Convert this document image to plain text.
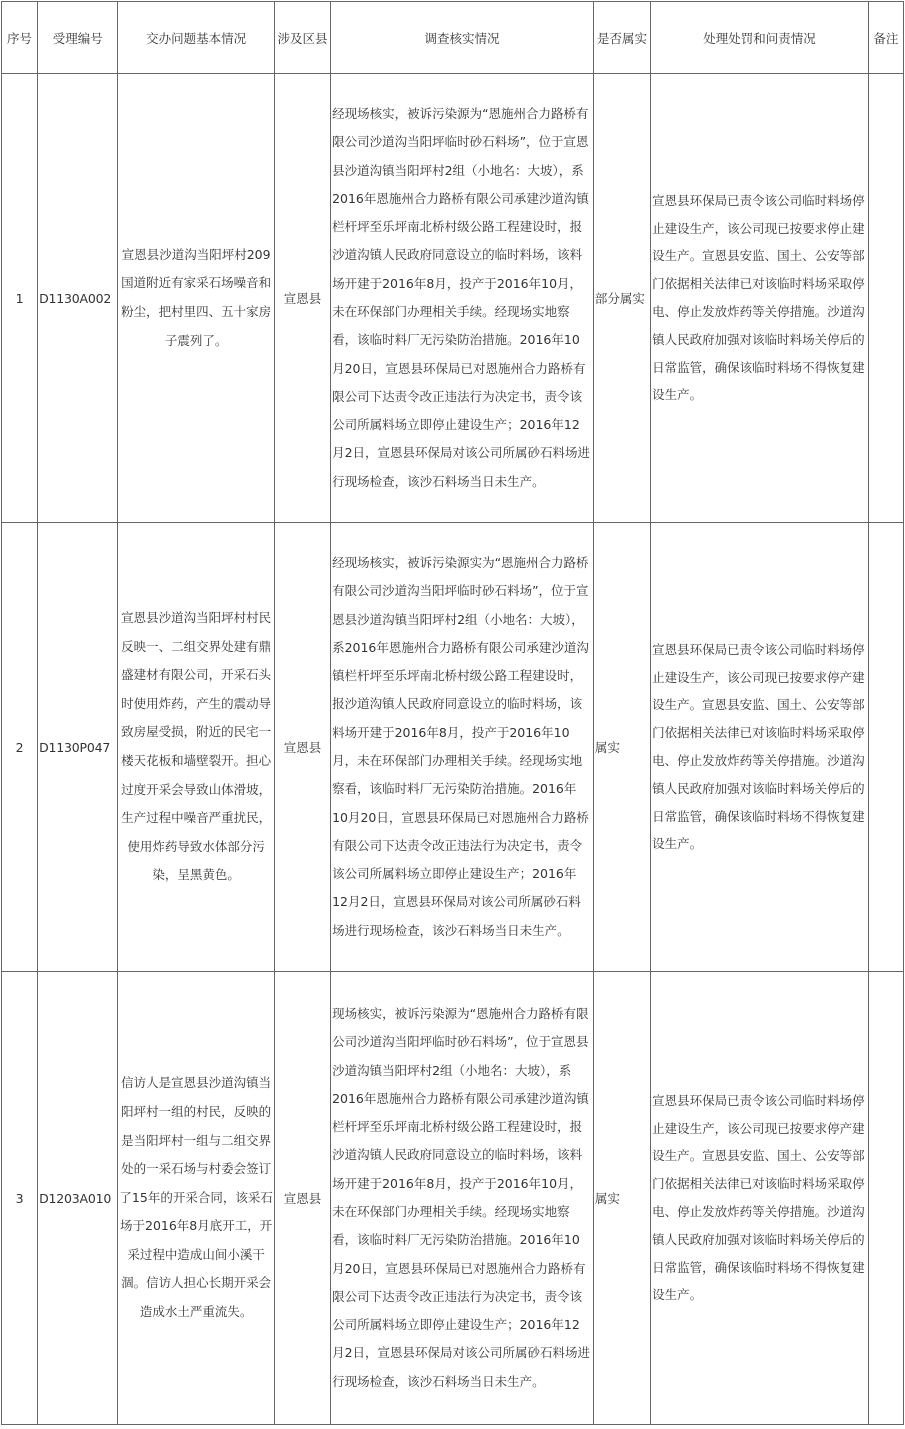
序号	受理编号	交办问题基本情况	涉及区县	调查核实情况	是否属实	处理处罚和问责情况	备注
1	D1130A002	宣恩县沙道沟当阳坪村209国道附近有家采石场噪音和粉尘，把村里四、五十家房子震列了。	宣恩县	经现场核实，被诉污染源为“恩施州合力路桥有限公司沙道沟当阳坪临时砂石料场”，位于宣恩县沙道沟镇当阳坪村2组（小地名：大坡），系2016年恩施州合力路桥有限公司承建沙道沟镇栏杆坪至乐坪南北桥村级公路工程建设时，报沙道沟镇人民政府同意设立的临时料场，该料场开建于2016年8月，投产于2016年10月，未在环保部门办理相关手续。经现场实地察看，该临时料厂无污染防治措施。2016年10月20日，宣恩县环保局已对恩施州合力路桥有限公司下达责令改正违法行为决定书，责令该公司所属料场立即停止建设生产；2016年12月2日，宣恩县环保局对该公司所属砂石料场进行现场检查，该沙石料场当日未生产。	部分属实	宣恩县环保局已责令该公司临时料场停止建设生产，该公司现已按要求停止建设生产。宣恩县安监、国土、公安等部门依据相关法律已对该临时料场采取停电、停止发放炸药等关停措施。沙道沟镇人民政府加强对该临时料场关停后的日常监管，确保该临时料场不得恢复建设生产。	
2	D1130P047	宣恩县沙道沟当阳坪村村民反映一、二组交界处建有鼎盛建材有限公司，开采石头时使用炸药，产生的震动导致房屋受损，附近的民宅一楼天花板和墙壁裂开。担心过度开采会导致山体滑坡，生产过程中噪音严重扰民，使用炸药导致水体部分污染，呈黑黄色。	宣恩县	经现场核实，被诉污染源实为“恩施州合力路桥有限公司沙道沟当阳坪临时砂石料场”，位于宣恩县沙道沟镇当阳坪村2组（小地名：大坡），系2016年恩施州合力路桥有限公司承建沙道沟镇栏杆坪至乐坪南北桥村级公路工程建设时，报沙道沟镇人民政府同意设立的临时料场，该料场开建于2016年8月，投产于2016年10月，未在环保部门办理相关手续。经现场实地察看，该临时料厂无污染防治措施。2016年10月20日，宣恩县环保局已对恩施州合力路桥有限公司下达责令改正违法行为决定书，责令该公司所属料场立即停止建设生产；2016年12月2日，宣恩县环保局对该公司所属砂石料场进行现场检查，该沙石料场当日未生产。	属实	宣恩县环保局已责令该公司临时料场停止建设生产，该公司现已按要求停产建设生产。宣恩县安监、国土、公安等部门依据相关法律已对该临时料场采取停电、停止发放炸药等关停措施。沙道沟镇人民政府加强对该临时料场关停后的日常监管，确保该临时料场不得恢复建设生产。	
3	D1203A010	信访人是宣恩县沙道沟镇当阳坪村一组的村民，反映的是当阳坪村一组与二组交界处的一采石场与村委会签订了15年的开采合同，该采石场于2016年8月底开工，开采过程中造成山间小溪干涸。信访人担心长期开采会造成水土严重流失。	宣恩县	现场核实，被诉污染源为“恩施州合力路桥有限公司沙道沟当阳坪临时砂石料场”，位于宣恩县沙道沟镇当阳坪村2组（小地名：大坡），系2016年恩施州合力路桥有限公司承建沙道沟镇栏杆坪至乐坪南北桥村级公路工程建设时，报沙道沟镇人民政府同意设立的临时料场，该料场开建于2016年8月，投产于2016年10月，未在环保部门办理相关手续。经现场实地察看，该临时料厂无污染防治措施。2016年10月20日，宣恩县环保局已对恩施州合力路桥有限公司下达责令改正违法行为决定书，责令该公司所属料场立即停止建设生产；2016年12月2日，宣恩县环保局对该公司所属砂石料场进行现场检查，该沙石料场当日未生产。	属实	宣恩县环保局已责令该公司临时料场停止建设生产，该公司现已按要求停产建设生产。宣恩县安监、国土、公安等部门依据相关法律已对该临时料场采取停电、停止发放炸药等关停措施。沙道沟镇人民政府加强对该临时料场关停后的日常监管，确保该临时料场不得恢复建设生产。	
